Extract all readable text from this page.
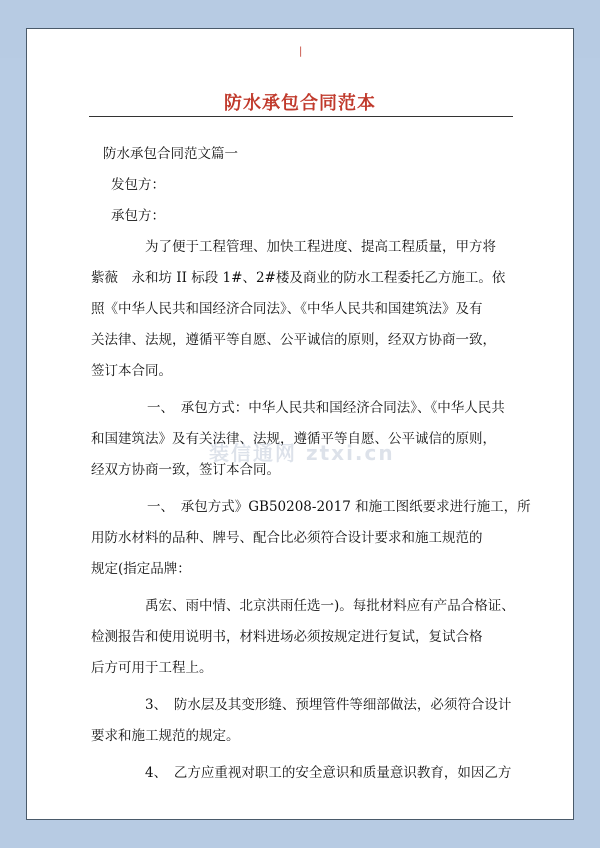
|
防水承包合同范本

防水承包合同范文篇一

发包方：

承包方：

为了便于工程管理、加快工程进度、提高工程质量，甲方将

紫薇　永和坊 II 标段 1#、2#楼及商业的防水工程委托乙方施工。依

照《中华人民共和国经济合同法》、《中华人民共和国建筑法》及有

关法律、法规，遵循平等自愿、公平诚信的原则，经双方协商一致，

签订本合同。

一、　承包方式：中华人民共和国经济合同法》、《中华人民共

和国建筑法》及有关法律、法规，遵循平等自愿、公平诚信的原则，

经双方协商一致，签订本合同。

一、　承包方式》GB50208-2017 和施工图纸要求进行施工，所

用防水材料的品种、牌号、配合比必须符合设计要求和施工规范的

规定(指定品牌：

禹宏、雨中情、北京洪雨任选一)。每批材料应有产品合格证、

检测报告和使用说明书，材料进场必须按规定进行复试，复试合格

后方可用于工程上。

3、　防水层及其变形缝、预埋管件等细部做法，必须符合设计

要求和施工规范的规定。

4、　乙方应重视对职工的安全意识和质量意识教育，如因乙方

装信通网 ztxi.cn
